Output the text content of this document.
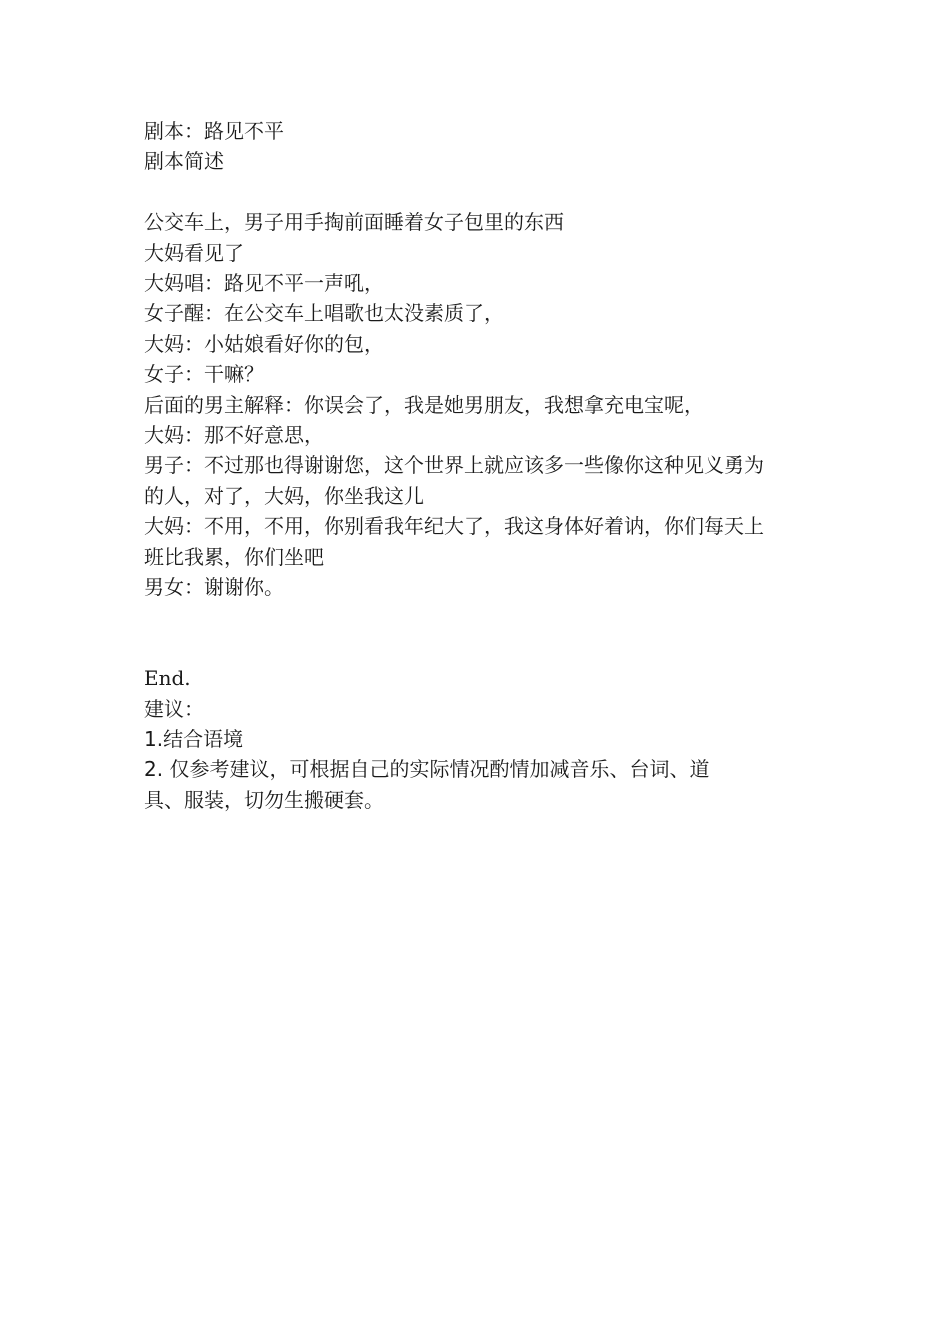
剧本：路见不平
剧本简述
公交车上，男子用手掏前面睡着女子包里的东西
大妈看见了
大妈唱：路见不平一声吼，
女子醒：在公交车上唱歌也太没素质了，
大妈：小姑娘看好你的包，
女子：干嘛？
后面的男主解释：你误会了，我是她男朋友，我想拿充电宝呢，
大妈：那不好意思，
男子：不过那也得谢谢您，这个世界上就应该多一些像你这种见义勇为
的人，对了，大妈，你坐我这儿
大妈：不用，不用，你别看我年纪大了，我这身体好着讷，你们每天上
班比我累，你们坐吧
男女：谢谢你。
End.
建议：
1.结合语境
2. 仅参考建议，可根据自己的实际情况酌情加减音乐、台词、道
具、服装，切勿生搬硬套。
